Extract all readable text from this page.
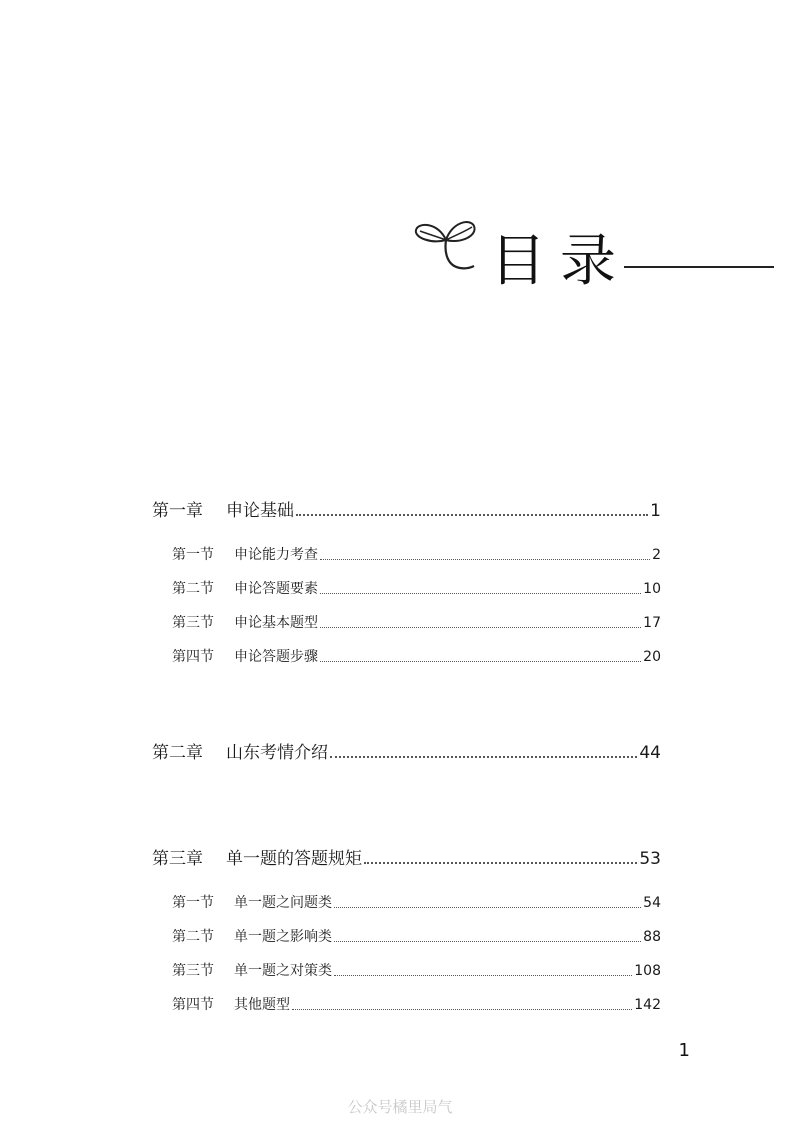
目录
第一章	申论基础	1
第一节	申论能力考查	2
第二节	申论答题要素	10
第三节	申论基本题型	17
第四节	申论答题步骤	20
第二章	山东考情介绍	44
第三章	单一题的答题规矩	53
第一节	单一题之问题类	54
第二节	单一题之影响类	88
第三节	单一题之对策类	108
第四节	其他题型	142
1
公众号橘里局气
